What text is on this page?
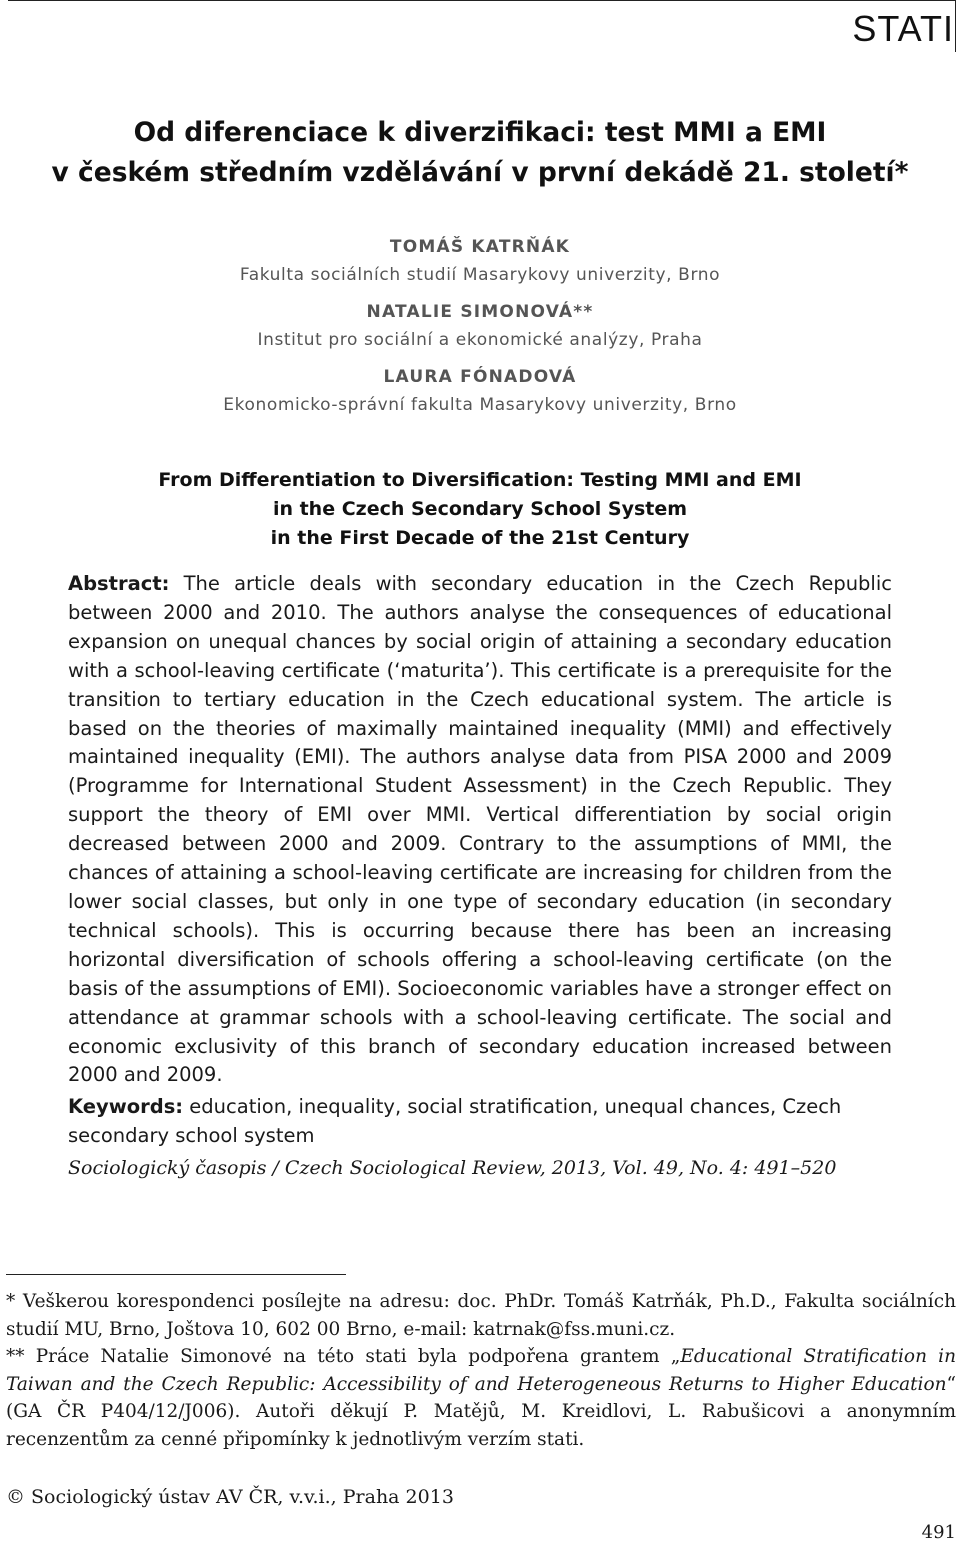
STATI
Od diferenciace k diverzifikaci: test MMI a EMI
v českém středním vzdělávání v první dekádě 21. století*
TOMÁŠ KATRŇÁK
Fakulta sociálních studií Masarykovy univerzity, Brno
NATALIE SIMONOVÁ**
Institut pro sociální a ekonomické analýzy, Praha
LAURA FÓNADOVÁ
Ekonomicko-správní fakulta Masarykovy univerzity, Brno
From Differentiation to Diversification: Testing MMI and EMI
in the Czech Secondary School System
in the First Decade of the 21st Century
Abstract: The article deals with secondary education in the Czech Republic between 2000 and 2010. The authors analyse the consequences of educational expansion on unequal chances by social origin of attaining a secondary education with a school-leaving certificate (‘maturita’). This certificate is a prerequisite for the transition to tertiary education in the Czech educational system. The article is based on the theories of maximally maintained inequality (MMI) and effectively maintained inequality (EMI). The authors analyse data from PISA 2000 and 2009 (Programme for International Student Assessment) in the Czech Republic. They support the theory of EMI over MMI. Vertical differentiation by social origin decreased between 2000 and 2009. Contrary to the assumptions of MMI, the chances of attaining a school-leaving certificate are increasing for children from the lower social classes, but only in one type of secondary education (in secondary technical schools). This is occurring because there has been an increasing horizontal diversification of schools offering a school-leaving certificate (on the basis of the assumptions of EMI). Socioeconomic variables have a stronger effect on attendance at grammar schools with a school-leaving certificate. The social and economic exclusivity of this branch of secondary education increased between 2000 and 2009.
Keywords: education, inequality, social stratification, unequal chances, Czech secondary school system
Sociologický časopis / Czech Sociological Review, 2013, Vol. 49, No. 4: 491–520

* Veškerou korespondenci posílejte na adresu: doc. PhDr. Tomáš Katrňák, Ph.D., Fakulta sociálních studií MU, Brno, Joštova 10, 602 00 Brno, e-mail: katrnak@fss.muni.cz.

** Práce Natalie Simonové na této stati byla podpořena grantem „Educational Stratification in Taiwan and the Czech Republic: Accessibility of and Heterogeneous Returns to Higher Education“ (GA ČR P404/12/J006). Autoři děkují P. Matějů, M. Kreidlovi, L. Rabušicovi a anonymním recenzentům za cenné připomínky k jednotlivým verzím stati.

© Sociologický ústav AV ČR, v.v.i., Praha 2013
491
